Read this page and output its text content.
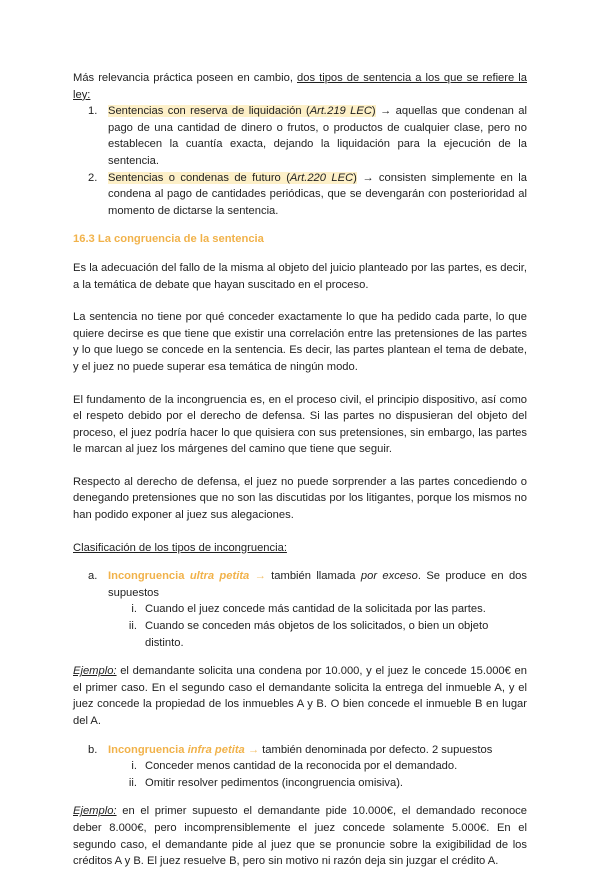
Más relevancia práctica poseen en cambio, dos tipos de sentencia a los que se refiere la ley:

1. Sentencias con reserva de liquidación (Art.219 LEC) → aquellas que condenan al pago de una cantidad de dinero o frutos, o productos de cualquier clase, pero no establecen la cuantía exacta, dejando la liquidación para la ejecución de la sentencia.
2. Sentencias o condenas de futuro (Art.220 LEC) → consisten simplemente en la condena al pago de cantidades periódicas, que se devengarán con posterioridad al momento de dictarse la sentencia.

16.3 La congruencia de la sentencia

Es la adecuación del fallo de la misma al objeto del juicio planteado por las partes, es decir, a la temática de debate que hayan suscitado en el proceso.

La sentencia no tiene por qué conceder exactamente lo que ha pedido cada parte, lo que quiere decirse es que tiene que existir una correlación entre las pretensiones de las partes y lo que luego se concede en la sentencia. Es decir, las partes plantean el tema de debate, y el juez no puede superar esa temática de ningún modo.

El fundamento de la incongruencia es, en el proceso civil, el principio dispositivo, así como el respeto debido por el derecho de defensa. Si las partes no dispusieran del objeto del proceso, el juez podría hacer lo que quisiera con sus pretensiones, sin embargo, las partes le marcan al juez los márgenes del camino que tiene que seguir.

Respecto al derecho de defensa, el juez no puede sorprender a las partes concediendo o denegando pretensiones que no son las discutidas por los litigantes, porque los mismos no han podido exponer al juez sus alegaciones.

Clasificación de los tipos de incongruencia:

a. Incongruencia ultra petita → también llamada por exceso. Se produce en dos supuestos
i. Cuando el juez concede más cantidad de la solicitada por las partes.
ii. Cuando se conceden más objetos de los solicitados, o bien un objeto distinto.

Ejemplo: el demandante solicita una condena por 10.000, y el juez le concede 15.000€ en el primer caso. En el segundo caso el demandante solicita la entrega del inmueble A, y el juez concede la propiedad de los inmuebles A y B. O bien concede el inmueble B en lugar del A.

b. Incongruencia infra petita → también denominada por defecto. 2 supuestos
i. Conceder menos cantidad de la reconocida por el demandado.
ii. Omitir resolver pedimentos (incongruencia omisiva).

Ejemplo: en el primer supuesto el demandante pide 10.000€, el demandado reconoce deber 8.000€, pero incomprensiblemente el juez concede solamente 5.000€. En el segundo caso, el demandante pide al juez que se pronuncie sobre la exigibilidad de los créditos A y B. El juez resuelve B, pero sin motivo ni razón deja sin juzgar el crédito A.
